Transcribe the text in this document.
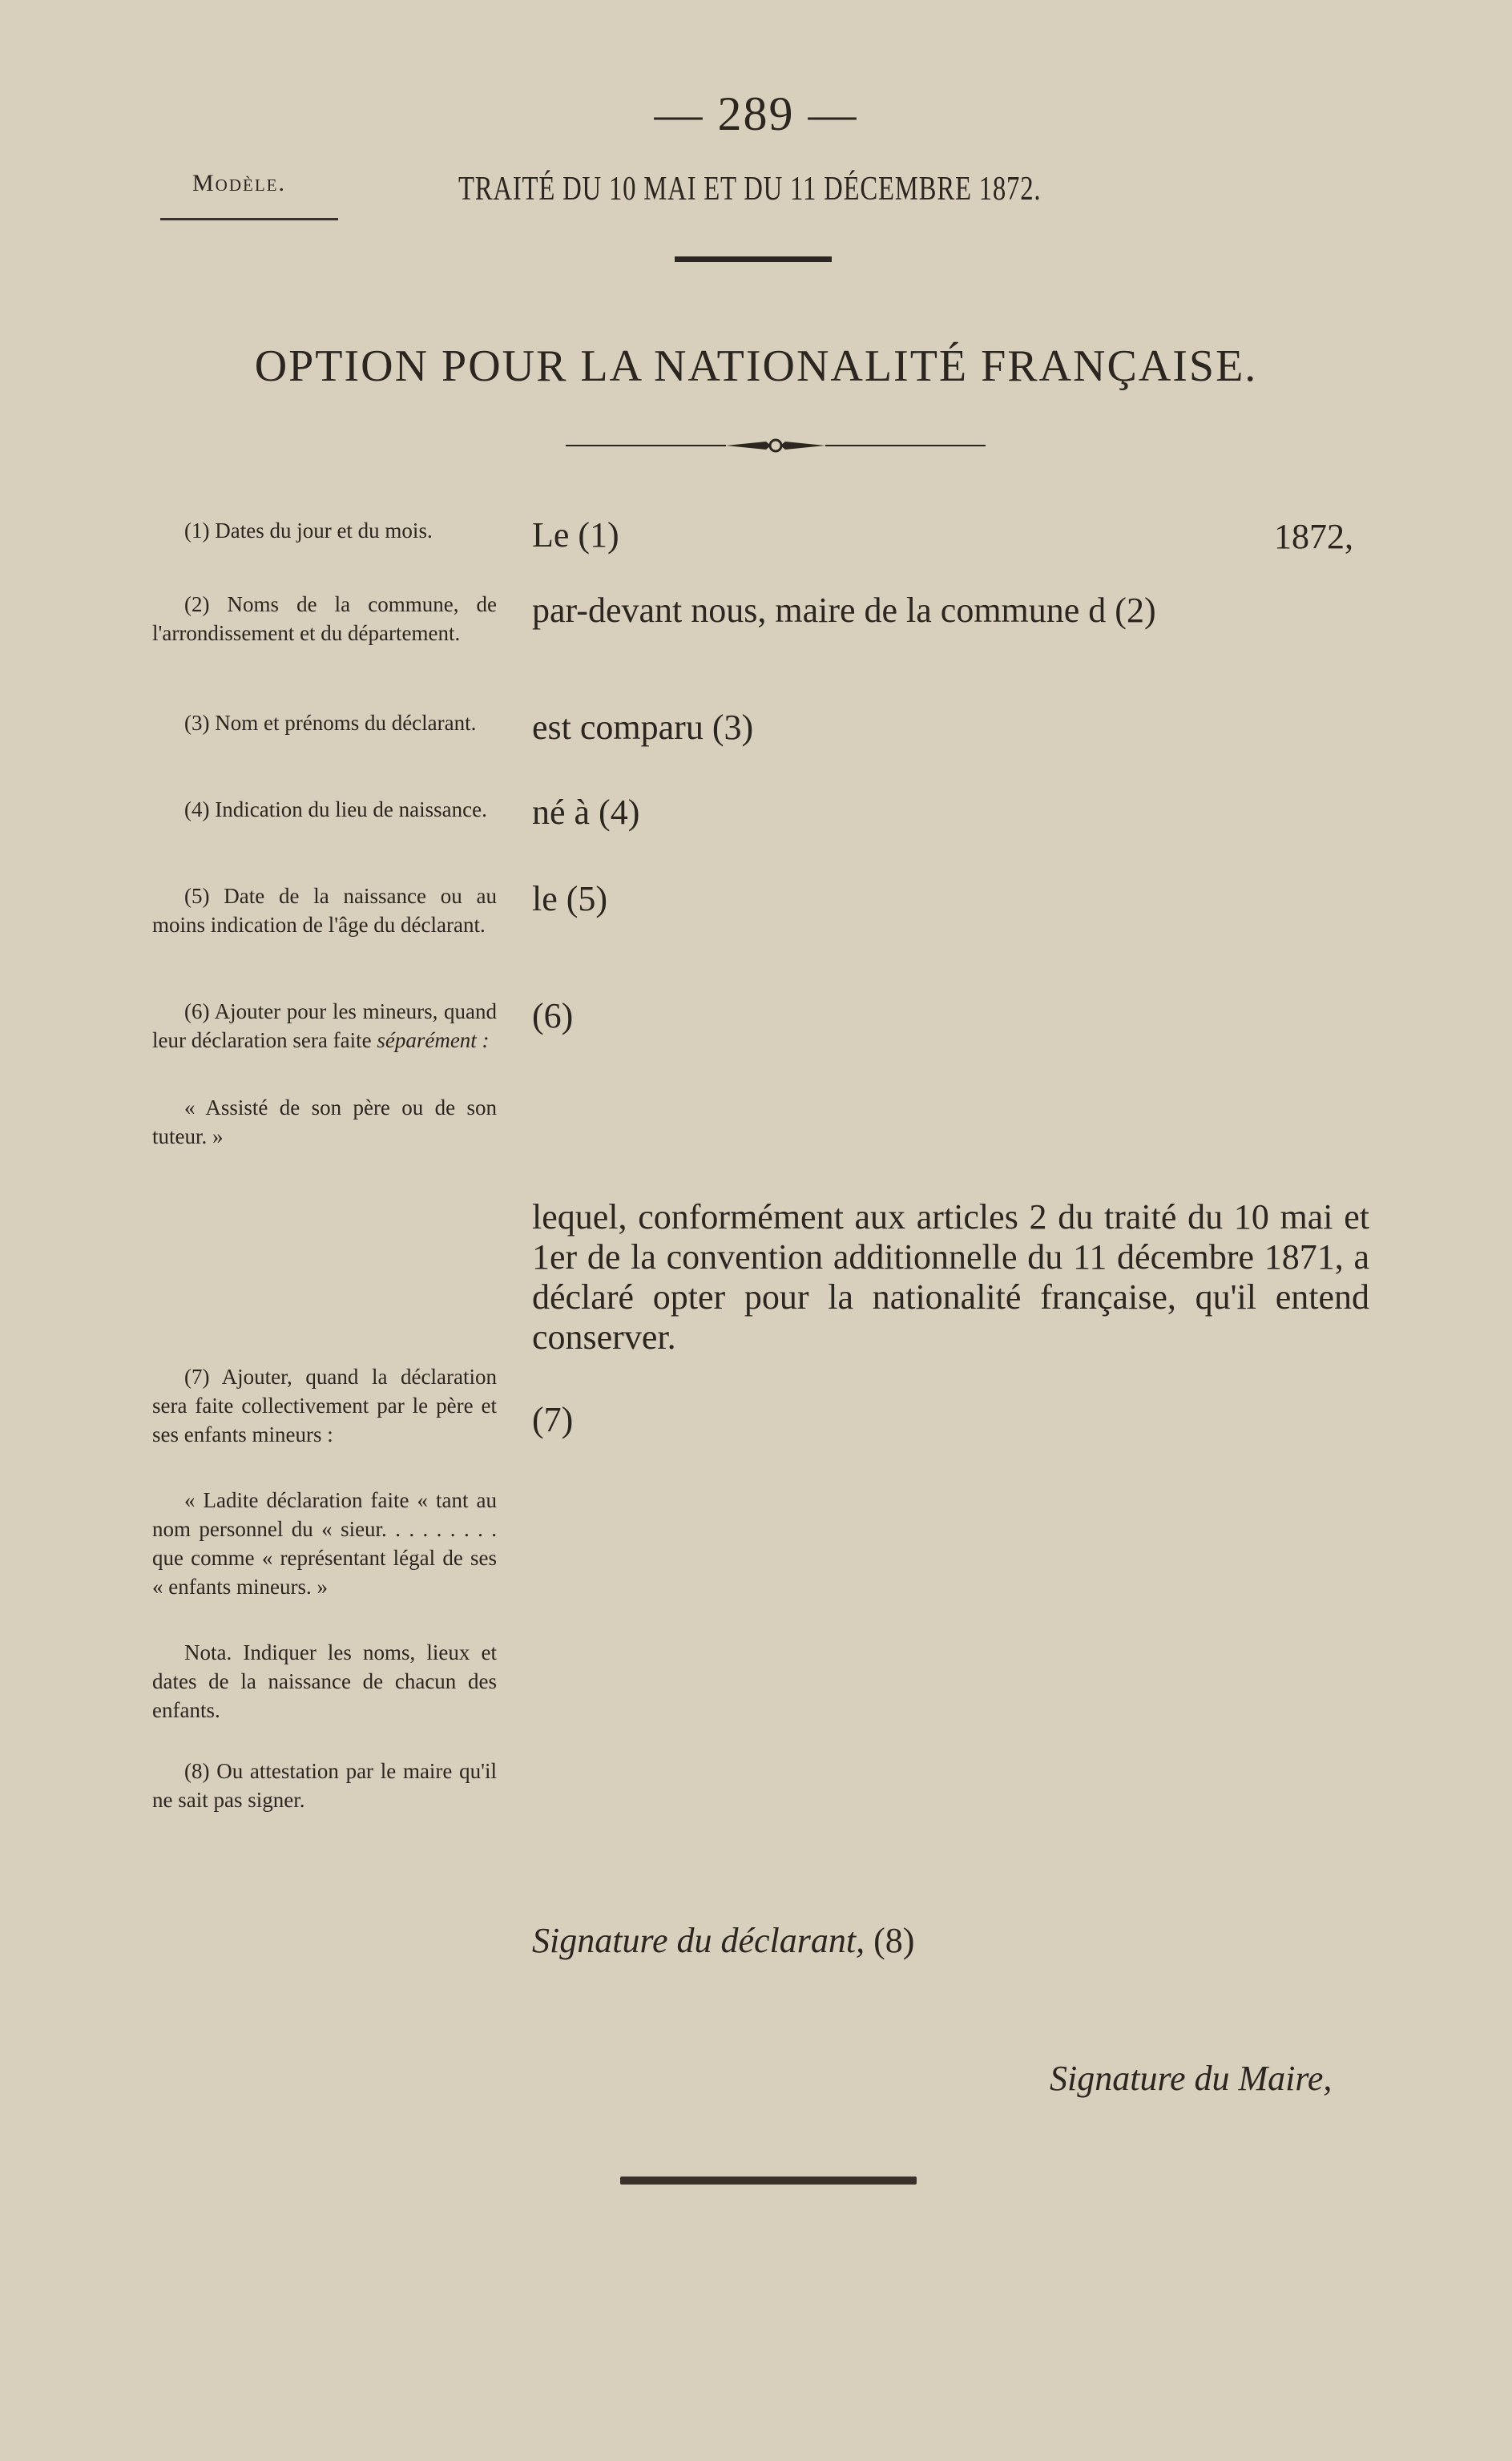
— 289 —
Modèle.	TRAITÉ DU 10 MAI ET DU 11 DÉCEMBRE 1872.
OPTION POUR LA NATIONALITÉ FRANÇAISE.

(1) Dates du jour et du mois.

(2) Noms de la commune, de l'arrondissement et du département.

(3) Nom et prénoms du déclarant.

(4) Indication du lieu de naissance.

(5) Date de la naissance ou au moins indication de l'âge du déclarant.

(6) Ajouter pour les mineurs, quand leur déclaration sera faite séparément :

« Assisté de son père ou de son tuteur. »

(7) Ajouter, quand la déclaration sera faite collectivement par le père et ses enfants mineurs :

« Ladite déclaration faite « tant au nom personnel du « sieur. . . . . . . . . que comme « représentant légal de ses « enfants mineurs. »

Nota. Indiquer les noms, lieux et dates de la naissance de chacun des enfants.

(8) Ou attestation par le maire qu'il ne sait pas signer.

Le (1)	1872,
par-devant nous, maire de la commune d (2)
est comparu (3)
né à (4)
le (5)
(6)

lequel, conformément aux articles 2 du traité du 10 mai et 1er de la convention additionnelle du 11 décembre 1871, a déclaré opter pour la nationalité française, qu'il entend conserver.

(7)
Signature du déclarant, (8)
Signature du Maire,
